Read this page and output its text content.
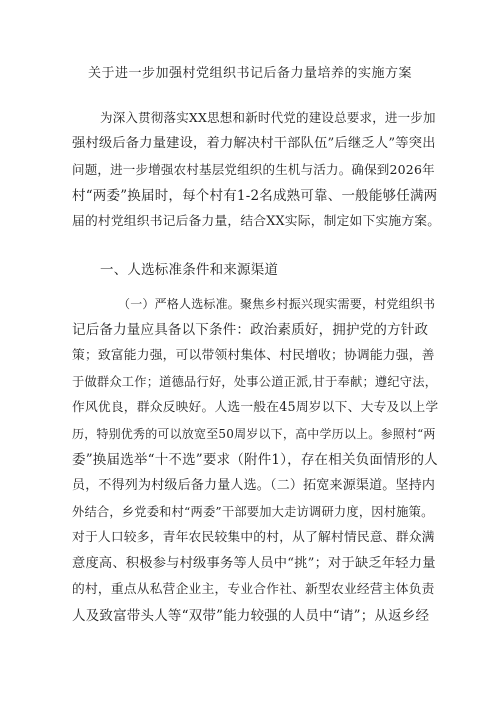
关于进一步加强村党组织书记后备力量培养的实施方案
为深入贯彻落实XX思想和新时代党的建设总要求，进一步加
强村级后备力量建设，着力解决村干部队伍”后继乏人”等突出
问题，进一步增强农村基层党组织的生机与活力。确保到2026年
村“两委”换届时，每个村有1-2名成熟可靠、一般能够任满两
届的村党组织书记后备力量，结合XX实际，制定如下实施方案。
一、人选标准条件和来源渠道
（一）严格人选标准。聚焦乡村振兴现实需要，村党组织书
记后备力量应具备以下条件：政治素质好，拥护党的方针政
策；致富能力强，可以带领村集体、村民增收；协调能力强，善
于做群众工作；道德品行好，处事公道正派,甘于奉献；遵纪守法，
作风优良，群众反映好。人选一般在45周岁以下、大专及以上学
历，特别优秀的可以放宽至50周岁以下，高中学历以上。参照村“两
委”换届选举“十不选”要求（附件1），存在相关负面情形的人
员，不得列为村级后备力量人选。（二）拓宽来源渠道。坚持内
外结合，乡党委和村“两委”干部要加大走访调研力度，因村施策。
对于人口较多，青年农民较集中的村，从了解村情民意、群众满
意度高、积极参与村级事务等人员中“挑”；对于缺乏年轻力量
的村，重点从私营企业主，专业合作社、新型农业经营主体负责
人及致富带头人等“双带”能力较强的人员中“请”；从返乡经
